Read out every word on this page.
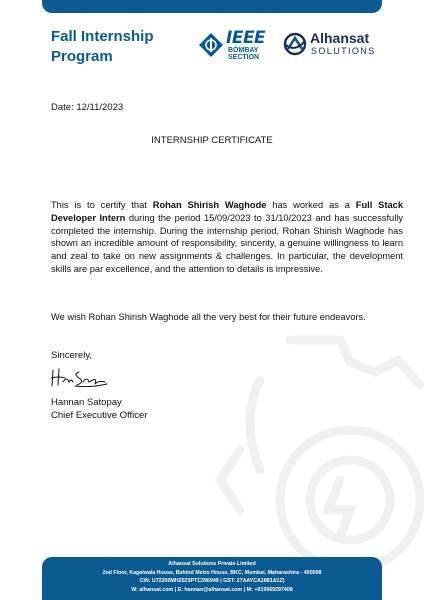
Fall Internship
Program
IEEE
BOMBAY
SECTION
Alhansat
SOLUTIONS
Date: 12/11/2023
INTERNSHIP CERTIFICATE
This is to certify that Rohan Shirish Waghode has worked as a Full Stack Developer Intern during the period 15/09/2023 to 31/10/2023 and has successfully completed the internship. During the internship period, Rohan Shirish Waghode has shown an incredible amount of responsibility, sincerity, a genuine willingness to learn and zeal to take on new assignments & challenges. In particular, the development skills are par excellence, and the attention to details is impressive.
We wish Rohan Shirish Waghode all the very best for their future endeavors.
Sincerely,
Hannan Satopay
Chief Executive Officer
Alhansat Solutions Private Limited
2nd Floor, Kagalwala House, Behind Metro House, BKC, Mumbai, Maharashtra - 400098
CIN: U72200MH2023PTC396949 | GST: 27AAYCA1881A1Z)
W: alhansat.com | E: hannan@alhansat.com | M: +919969297408
